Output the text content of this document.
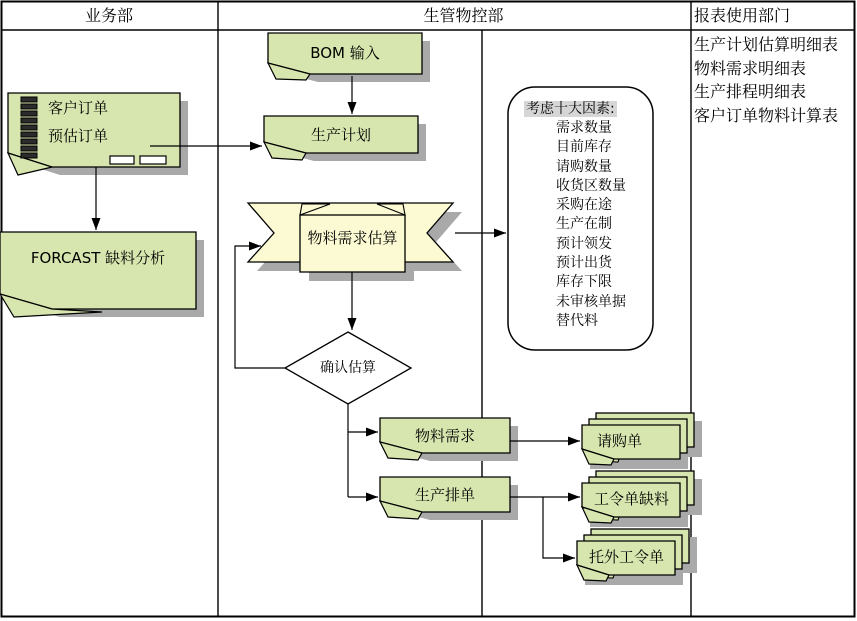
业务部	生管物控部	报表使用部门
生产计划估算明细表
物料需求明细表
生产排程明细表
客户订单物料计算表
客户订单
预估订单
FORCAST 缺料分析
BOM 输入
生产计划
物料需求估算
确认估算
物料需求
生产排单
请购单
工令单缺料
托外工令单
考虑十大因素:
需求数量
目前库存
请购数量
收货区数量
采购在途
生产在制
预计领发
预计出货
库存下限
未审核单据
替代料
